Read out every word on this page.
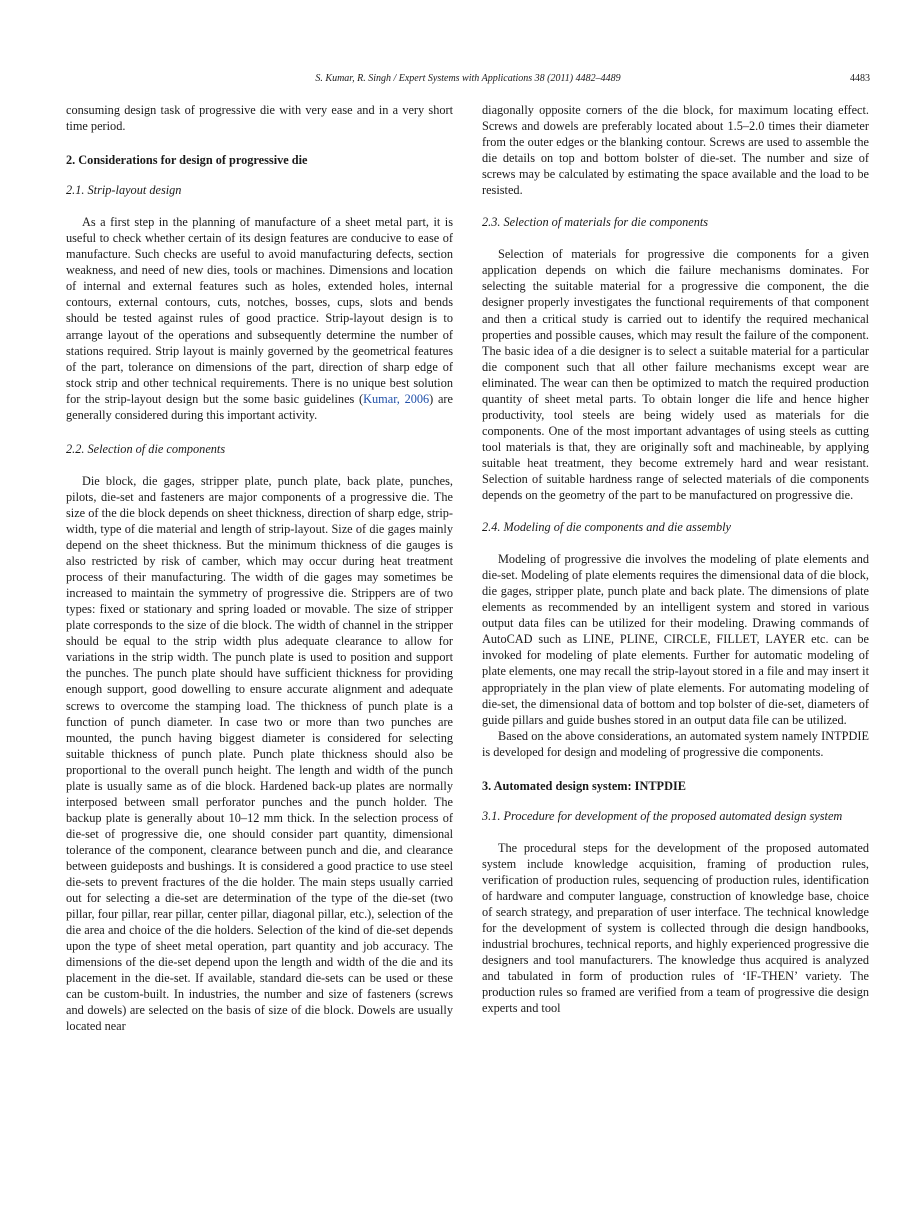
S. Kumar, R. Singh / Expert Systems with Applications 38 (2011) 4482–4489	4483

consuming design task of progressive die with very ease and in a very short time period.

2. Considerations for design of progressive die
2.1. Strip-layout design

As a first step in the planning of manufacture of a sheet metal part, it is useful to check whether certain of its design features are conducive to ease of manufacture. Such checks are useful to avoid manufacturing defects, section weakness, and need of new dies, tools or machines. Dimensions and location of internal and external features such as holes, extended holes, internal contours, external contours, cuts, notches, bosses, cups, slots and bends should be tested against rules of good practice. Strip-layout design is to arrange layout of the operations and subsequently determine the number of stations required. Strip layout is mainly governed by the geometrical features of the part, tolerance on dimensions of the part, direction of sharp edge of stock strip and other technical requirements. There is no unique best solution for the strip-layout design but the some basic guidelines (Kumar, 2006) are generally considered during this important activity.

2.2. Selection of die components

Die block, die gages, stripper plate, punch plate, back plate, punches, pilots, die-set and fasteners are major components of a progressive die. The size of the die block depends on sheet thickness, direction of sharp edge, strip-width, type of die material and length of strip-layout. Size of die gages mainly depend on the sheet thickness. But the minimum thickness of die gauges is also restricted by risk of camber, which may occur during heat treatment process of their manufacturing. The width of die gages may sometimes be increased to maintain the symmetry of progressive die. Strippers are of two types: fixed or stationary and spring loaded or movable. The size of stripper plate corresponds to the size of die block. The width of channel in the stripper should be equal to the strip width plus adequate clearance to allow for variations in the strip width. The punch plate is used to position and support the punches. The punch plate should have sufficient thickness for providing enough support, good dowelling to ensure accurate alignment and adequate screws to overcome the stamping load. The thickness of punch plate is a function of punch diameter. In case two or more than two punches are mounted, the punch having biggest diameter is considered for selecting suitable thickness of punch plate. Punch plate thickness should also be proportional to the overall punch height. The length and width of the punch plate is usually same as of die block. Hardened back-up plates are normally interposed between small perforator punches and the punch holder. The backup plate is generally about 10–12 mm thick. In the selection process of die-set of progressive die, one should consider part quantity, dimensional tolerance of the component, clearance between punch and die, and clearance between guideposts and bushings. It is considered a good practice to use steel die-sets to prevent fractures of the die holder. The main steps usually carried out for selecting a die-set are determination of the type of the die-set (two pillar, four pillar, rear pillar, center pillar, diagonal pillar, etc.), selection of the die area and choice of the die holders. Selection of the kind of die-set depends upon the type of sheet metal operation, part quantity and job accuracy. The dimensions of the die-set depend upon the length and width of the die and its placement in the die-set. If available, standard die-sets can be used or these can be custom-built. In industries, the number and size of fasteners (screws and dowels) are selected on the basis of size of die block. Dowels are usually located near

diagonally opposite corners of the die block, for maximum locating effect. Screws and dowels are preferably located about 1.5–2.0 times their diameter from the outer edges or the blanking contour. Screws are used to assemble the die details on top and bottom bolster of die-set. The number and size of screws may be calculated by estimating the space available and the load to be resisted.

2.3. Selection of materials for die components

Selection of materials for progressive die components for a given application depends on which die failure mechanisms dominates. For selecting the suitable material for a progressive die component, the die designer properly investigates the functional requirements of that component and then a critical study is carried out to identify the required mechanical properties and possible causes, which may result the failure of the component. The basic idea of a die designer is to select a suitable material for a particular die component such that all other failure mechanisms except wear are eliminated. The wear can then be optimized to match the required production quantity of sheet metal parts. To obtain longer die life and hence higher productivity, tool steels are being widely used as materials for die components. One of the most important advantages of using steels as cutting tool materials is that, they are originally soft and machineable, by applying suitable heat treatment, they become extremely hard and wear resistant. Selection of suitable hardness range of selected materials of die components depends on the geometry of the part to be manufactured on progressive die.

2.4. Modeling of die components and die assembly

Modeling of progressive die involves the modeling of plate elements and die-set. Modeling of plate elements requires the dimensional data of die block, die gages, stripper plate, punch plate and back plate. The dimensions of plate elements as recommended by an intelligent system and stored in various output data files can be utilized for their modeling. Drawing commands of AutoCAD such as LINE, PLINE, CIRCLE, FILLET, LAYER etc. can be invoked for modeling of plate elements. Further for automatic modeling of plate elements, one may recall the strip-layout stored in a file and may insert it appropriately in the plan view of plate elements. For automating modeling of die-set, the dimensional data of bottom and top bolster of die-set, diameters of guide pillars and guide bushes stored in an output data file can be utilized.

Based on the above considerations, an automated system namely INTPDIE is developed for design and modeling of progressive die components.

3. Automated design system: INTPDIE
3.1. Procedure for development of the proposed automated design system

The procedural steps for the development of the proposed automated system include knowledge acquisition, framing of production rules, verification of production rules, sequencing of production rules, identification of hardware and computer language, construction of knowledge base, choice of search strategy, and preparation of user interface. The technical knowledge for the development of system is collected through die design handbooks, industrial brochures, technical reports, and highly experienced progressive die designers and tool manufacturers. The knowledge thus acquired is analyzed and tabulated in form of production rules of ‘IF-THEN’ variety. The production rules so framed are verified from a team of progressive die design experts and tool
